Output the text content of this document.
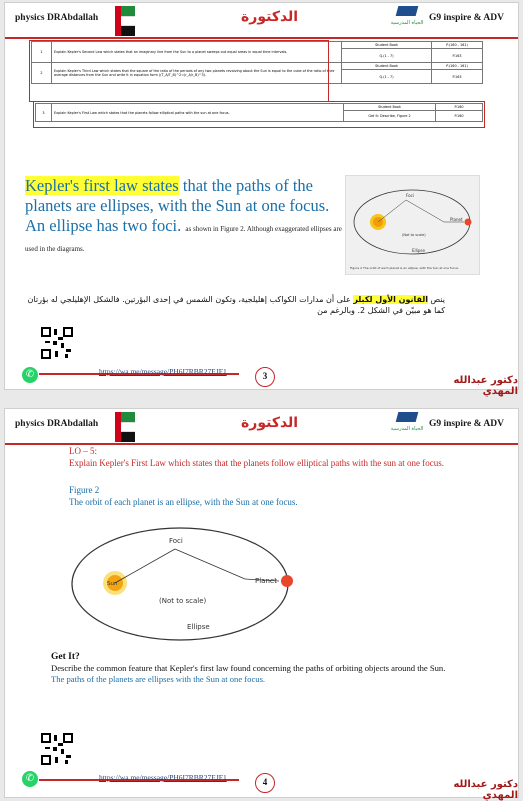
physics DRAbdallah	الدكتورة	الحياة المدرسية G9 inspire & ADV
1	Explain Kepler's Second Law which states that an imaginary line from the Sun to a planet sweeps out equal areas in equal time intervals.	Student Book	P.(160 - 161)
		Q.(1 - 7)	P.163
2	Explain Kepler's Third Law which states that the square of the ratio of the periods of any two planets revolving about the Sun is equal to the cube of the ratio of their average distances from the Sun and write it in equation form ((T_A/T_B)^2=(r_A/r_B)^3).	Student Book	P.(160 - 161)
		Q.(1 - 7)	P.163
3	Explain Kepler's First Law which states that the planets follow elliptical paths with the sun at one focus.	Student Book	P.160
		Get It: Describe, Figure 2	P.160
Kepler's first law states that the paths of the planets are ellipses, with the Sun at one focus. An ellipse has two foci. as shown in Figure 2. Although exaggerated ellipses are used in the diagrams.
Foci
Planet
(Not to scale)
Ellipse
Figure 2 The orbit of each planet is an ellipse, with the Sun at one focus.
ينص القانون الأول لكبلر على أن مدارات الكواكب إهليلجية، وتكون الشمس في إحدى البؤرتين. فالشكل الإهليلجي له بؤرتان كما هو مبيّن في الشكل 2. وبالرغم من
✆	https://wa.me/message/PH6I7RBR27EJF1	3	دكتور عبدالله المهدي
physics DRAbdallah	الدكتورة	الحياة المدرسية G9 inspire & ADV
LO – 5:
Explain Kepler's First Law which states that the planets follow elliptical paths with the sun at one focus.
Figure 2
The orbit of each planet is an ellipse, with the Sun at one focus.
Foci
Sun	Planet
(Not to scale)
Ellipse
Get It?
Describe the common feature that Kepler's first law found concerning the paths of orbiting objects around the Sun.
The paths of the planets are ellipses with the Sun at one focus.
✆	https://wa.me/message/PH6I7RBR27EJF1	4	دكتور عبدالله المهدي
